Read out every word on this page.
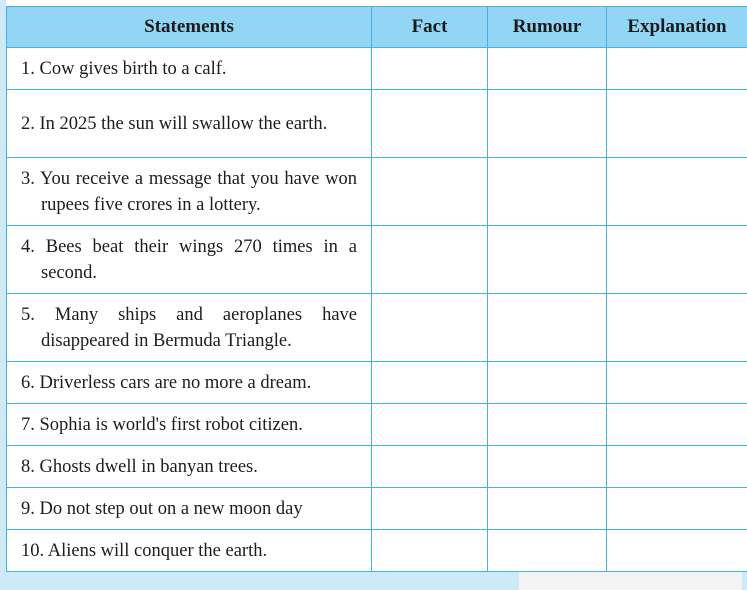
Statements	Fact	Rumour	Explanation

1. Cow gives birth to a calf.			

2. In 2025 the sun will swallow the earth.			

3. You receive a message that you have won rupees five crores in a lottery.			

4. Bees beat their wings 270 times in a second.			

5. Many ships and aeroplanes have disappeared in Bermuda Triangle.			

6. Driverless cars are no more a dream.			

7. Sophia is world's first robot citizen.			

8. Ghosts dwell in banyan trees.			

9. Do not step out on a new moon day			

10. Aliens will conquer the earth.			
